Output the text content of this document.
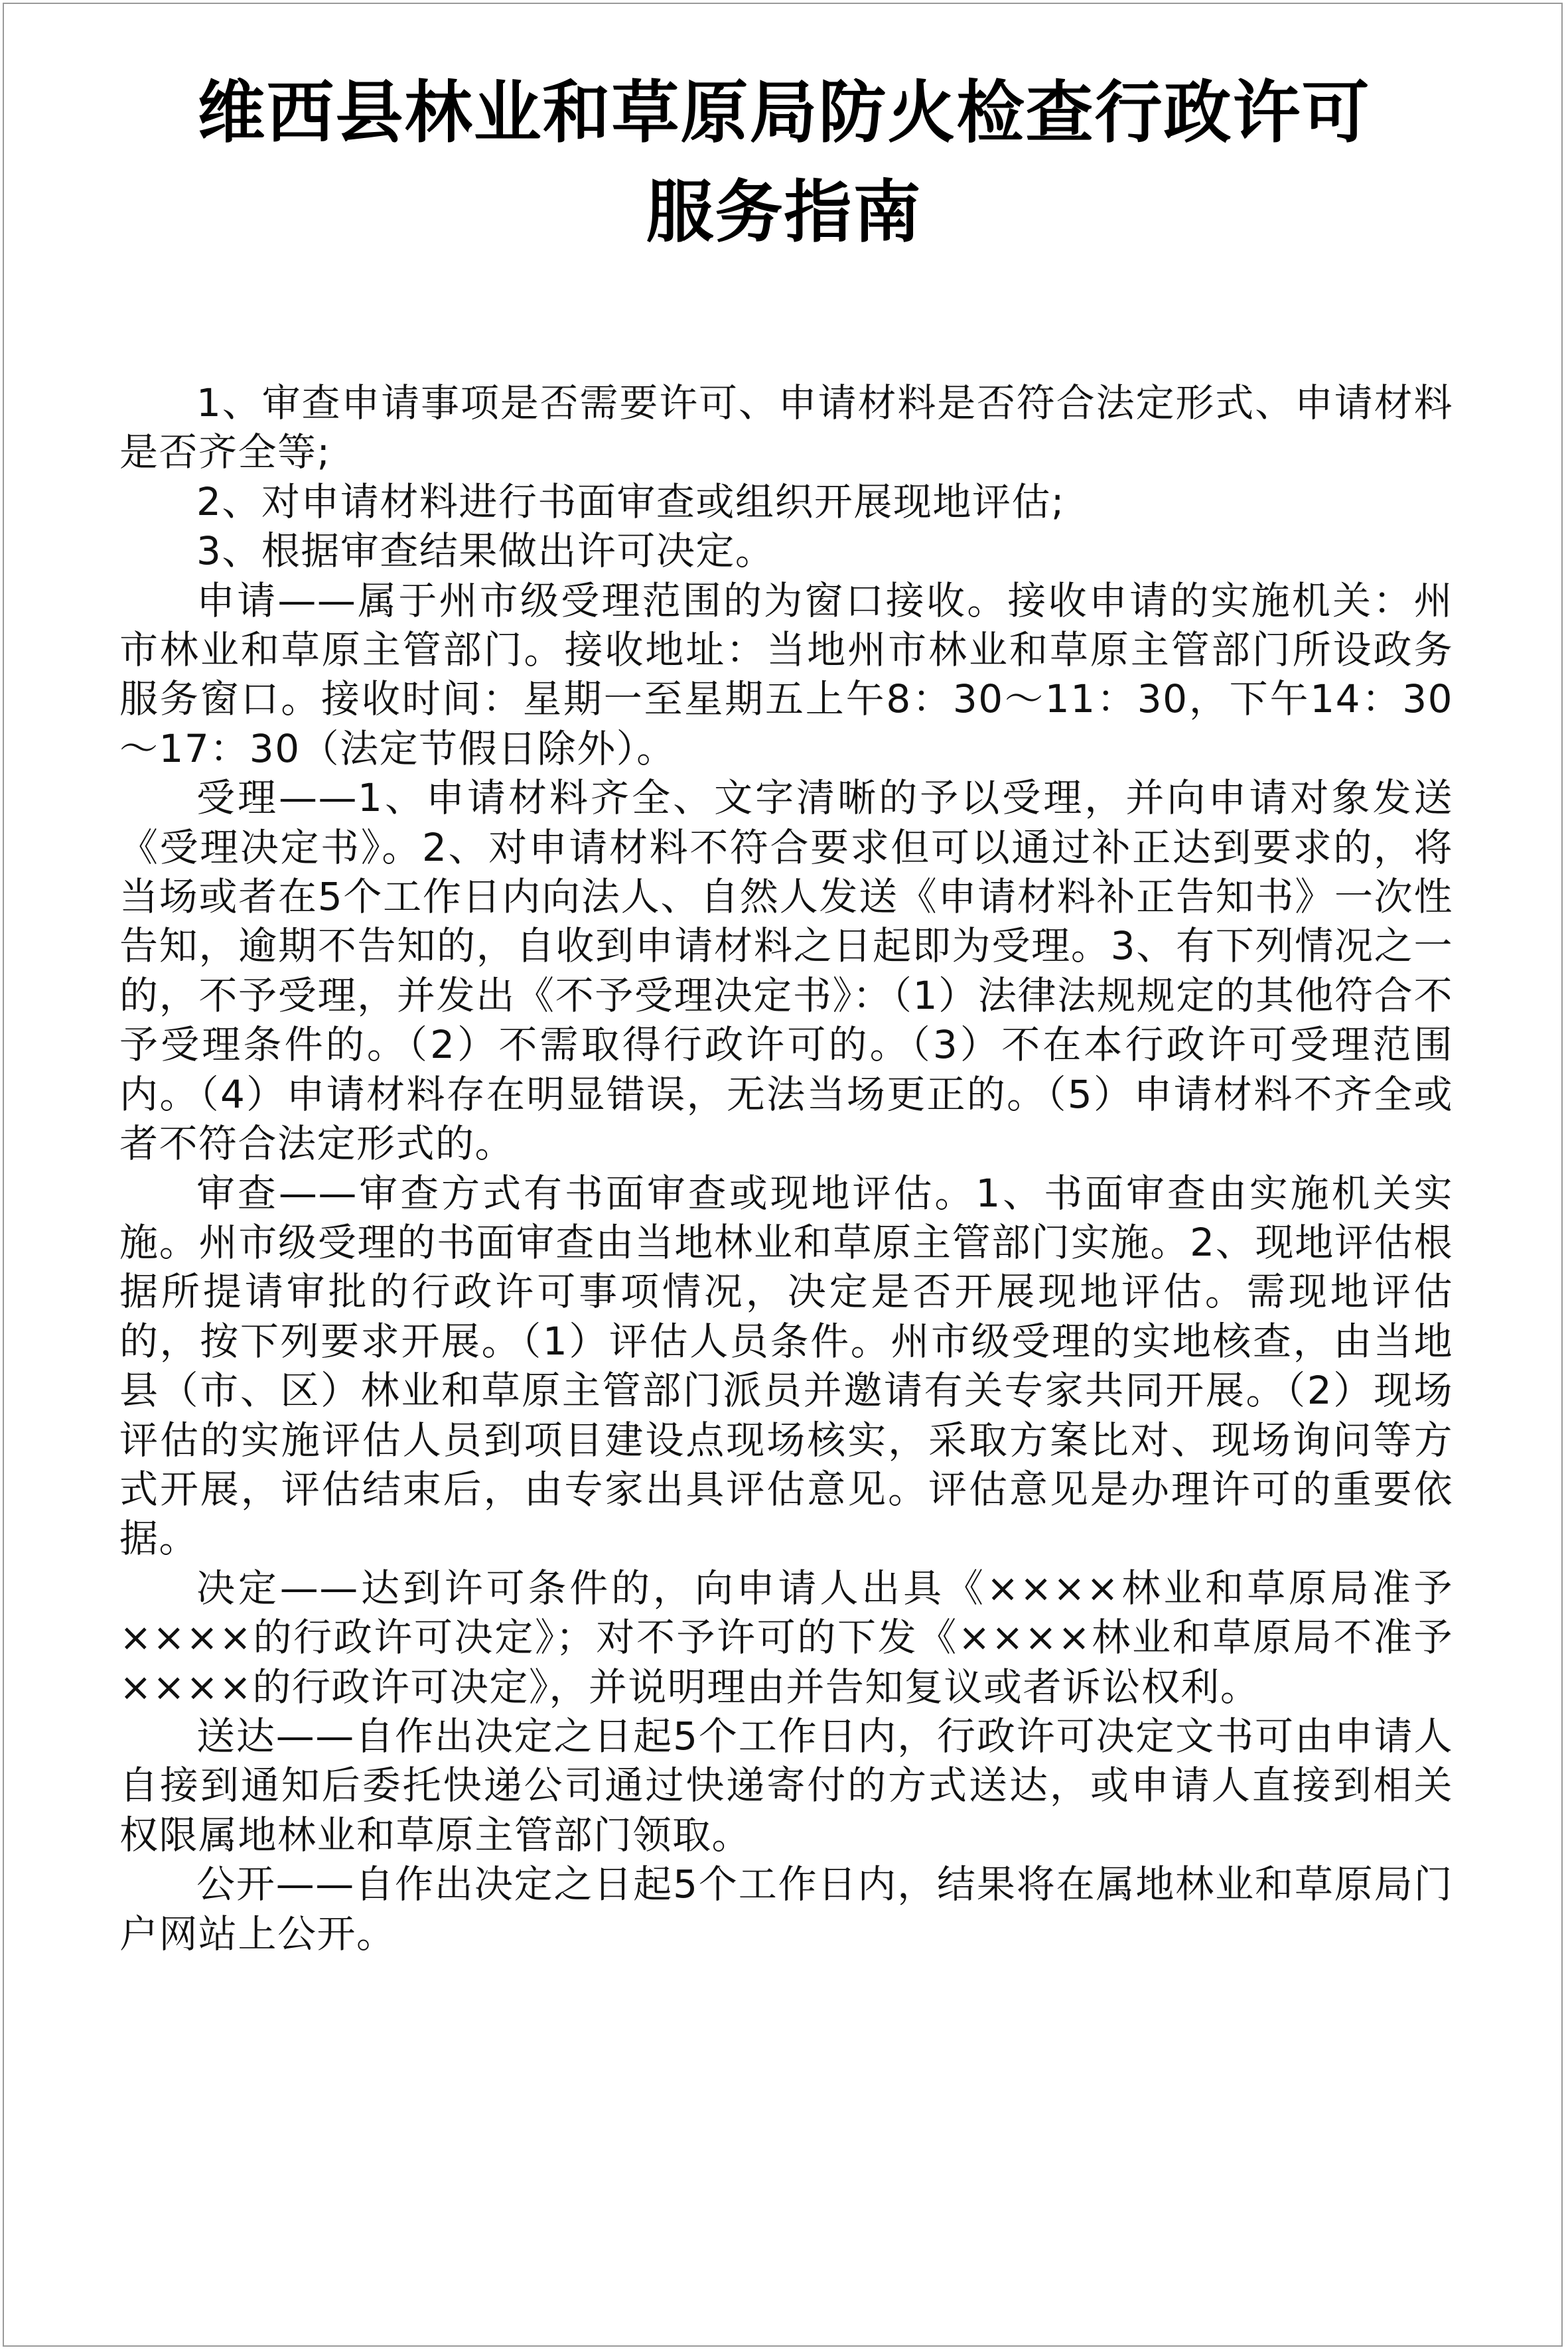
维西县林业和草原局防火检查行政许可
服务指南

1、审查申请事项是否需要许可、申请材料是否符合法定形式、申请材料是否齐全等;

2、对申请材料进行书面审查或组织开展现地评估;

3、根据审查结果做出许可决定。

申请——属于州市级受理范围的为窗口接收。接收申请的实施机关：州市林业和草原主管部门。接收地址：当地州市林业和草原主管部门所设政务服务窗口。接收时间：星期一至星期五上午8：30～11：30，下午14：30～17：30（法定节假日除外）。

受理——1、申请材料齐全、文字清晰的予以受理，并向申请对象发送《受理决定书》。2、对申请材料不符合要求但可以通过补正达到要求的，将当场或者在5个工作日内向法人、自然人发送《申请材料补正告知书》一次性告知，逾期不告知的，自收到申请材料之日起即为受理。3、有下列情况之一的，不予受理，并发出《不予受理决定书》：（1）法律法规规定的其他符合不予受理条件的。（2）不需取得行政许可的。（3）不在本行政许可受理范围内。（4）申请材料存在明显错误，无法当场更正的。（5）申请材料不齐全或者不符合法定形式的。

审查——审查方式有书面审查或现地评估。1、书面审查由实施机关实施。州市级受理的书面审查由当地林业和草原主管部门实施。2、现地评估根据所提请审批的行政许可事项情况，决定是否开展现地评估。需现地评估的，按下列要求开展。（1）评估人员条件。州市级受理的实地核查，由当地县（市、区）林业和草原主管部门派员并邀请有关专家共同开展。（2）现场评估的实施评估人员到项目建设点现场核实，采取方案比对、现场询问等方式开展，评估结束后，由专家出具评估意见。评估意见是办理许可的重要依据。

决定——达到许可条件的，向申请人出具《××××林业和草原局准予××××的行政许可决定》；对不予许可的下发《××××林业和草原局不准予××××的行政许可决定》，并说明理由并告知复议或者诉讼权利。

送达——自作出决定之日起5个工作日内，行政许可决定文书可由申请人自接到通知后委托快递公司通过快递寄付的方式送达，或申请人直接到相关权限属地林业和草原主管部门领取。

公开——自作出决定之日起5个工作日内，结果将在属地林业和草原局门户网站上公开。
